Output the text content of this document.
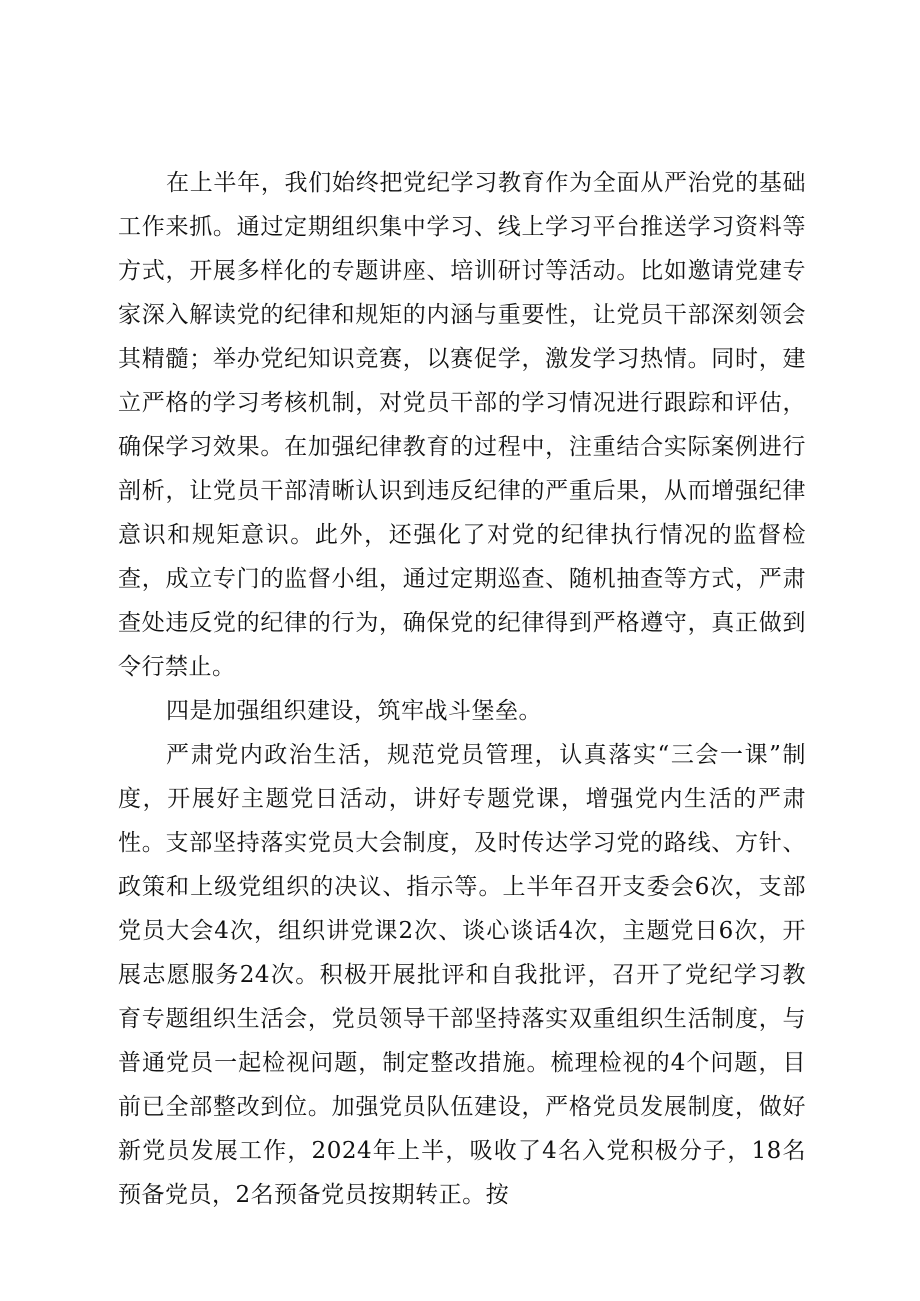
在上半年，我们始终把党纪学习教育作为全面从严治党的基础工作来抓。通过定期组织集中学习、线上学习平台推送学习资料等方式，开展多样化的专题讲座、培训研讨等活动。比如邀请党建专家深入解读党的纪律和规矩的内涵与重要性，让党员干部深刻领会其精髓；举办党纪知识竞赛，以赛促学，激发学习热情。同时，建立严格的学习考核机制，对党员干部的学习情况进行跟踪和评估，确保学习效果。在加强纪律教育的过程中，注重结合实际案例进行剖析，让党员干部清晰认识到违反纪律的严重后果，从而增强纪律意识和规矩意识。此外，还强化了对党的纪律执行情况的监督检查，成立专门的监督小组，通过定期巡查、随机抽查等方式，严肃查处违反党的纪律的行为，确保党的纪律得到严格遵守，真正做到令行禁止。

四是加强组织建设，筑牢战斗堡垒。

严肃党内政治生活，规范党员管理，认真落实“三会一课”制度，开展好主题党日活动，讲好专题党课，增强党内生活的严肃性。支部坚持落实党员大会制度，及时传达学习党的路线、方针、政策和上级党组织的决议、指示等。上半年召开支委会6次，支部党员大会4次，组织讲党课2次、谈心谈话4次，主题党日6次，开展志愿服务24次。积极开展批评和自我批评，召开了党纪学习教育专题组织生活会，党员领导干部坚持落实双重组织生活制度，与普通党员一起检视问题，制定整改措施。梳理检视的4个问题，目前已全部整改到位。加强党员队伍建设，严格党员发展制度，做好新党员发展工作，2024年上半，吸收了4名入党积极分子，18名预备党员，2名预备党员按期转正。按
